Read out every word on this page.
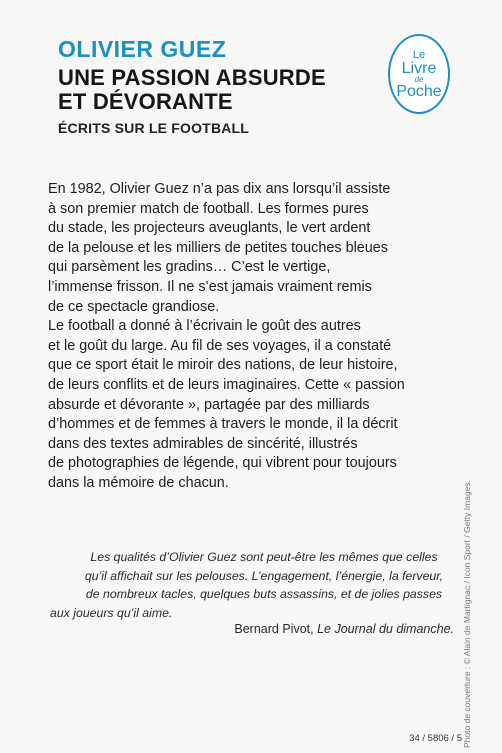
OLIVIER GUEZ
UNE PASSION ABSURDE
ET DÉVORANTE
ÉCRITS SUR LE FOOTBALL
Le
Livre
de
Poche
En 1982, Olivier Guez n’a pas dix ans lorsqu’il assiste
à son premier match de football. Les formes pures
du stade, les projecteurs aveuglants, le vert ardent
de la pelouse et les milliers de petites touches bleues
qui parsèment les gradins… C’est le vertige,
l’immense frisson. Il ne s’est jamais vraiment remis
de ce spectacle grandiose.
Le football a donné à l’écrivain le goût des autres
et le goût du large. Au fil de ses voyages, il a constaté
que ce sport était le miroir des nations, de leur histoire,
de leurs conflits et de leurs imaginaires. Cette « passion
absurde et dévorante », partagée par des milliards
d’hommes et de femmes à travers le monde, il la décrit
dans des textes admirables de sincérité, illustrés
de photographies de légende, qui vibrent pour toujours
dans la mémoire de chacun.
Les qualités d’Olivier Guez sont peut-être les mêmes que celles
qu’il affichait sur les pelouses. L’engagement, l’énergie, la ferveur,
de nombreux tacles, quelques buts assassins, et de jolies passes
aux joueurs qu’il aime.
Bernard Pivot, Le Journal du dimanche. Photo de couverture : © Alain de Martignac / Icon Sport / Getty Images.
34 / 5806 / 5
